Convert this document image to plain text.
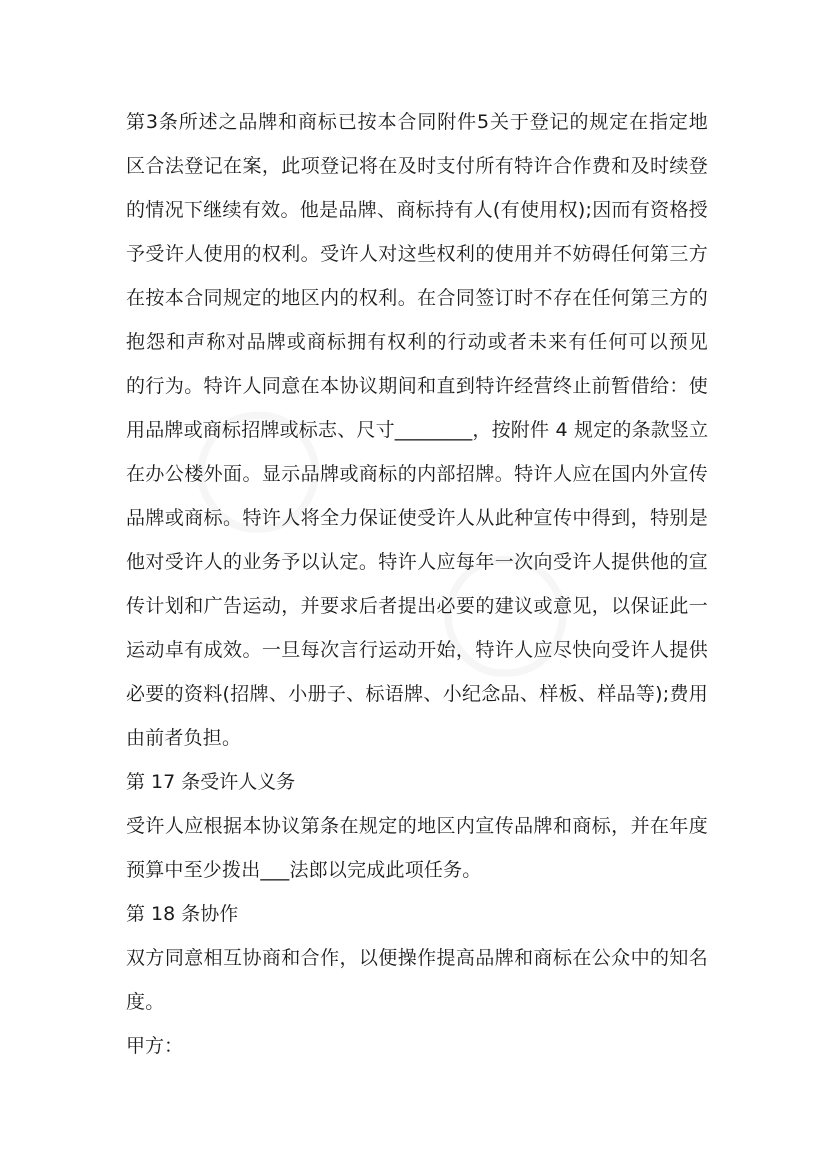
第3条所述之品牌和商标已按本合同附件5关于登记的规定在指定地
区合法登记在案，此项登记将在及时支付所有特许合作费和及时续登
的情况下继续有效。他是品牌、商标持有人(有使用权);因而有资格授
予受许人使用的权利。受许人对这些权利的使用并不妨碍任何第三方
在按本合同规定的地区内的权利。在合同签订时不存在任何第三方的
抱怨和声称对品牌或商标拥有权利的行动或者未来有任何可以预见
的行为。特许人同意在本协议期间和直到特许经营终止前暂借给：使
用品牌或商标招牌或标志、尺寸________，按附件 4 规定的条款竖立
在办公楼外面。显示品牌或商标的内部招牌。特许人应在国内外宣传
品牌或商标。特许人将全力保证使受许人从此种宣传中得到，特别是
他对受许人的业务予以认定。特许人应每年一次向受许人提供他的宣
传计划和广告运动，并要求后者提出必要的建议或意见，以保证此一
运动卓有成效。一旦每次言行运动开始，特许人应尽快向受许人提供
必要的资料(招牌、小册子、标语牌、小纪念品、样板、样品等);费用
由前者负担。
第 17 条受许人义务
受许人应根据本协议第条在规定的地区内宣传品牌和商标，并在年度
预算中至少拨出___法郎以完成此项任务。
第 18 条协作
双方同意相互协商和合作，以便操作提高品牌和商标在公众中的知名
度。
甲方：
